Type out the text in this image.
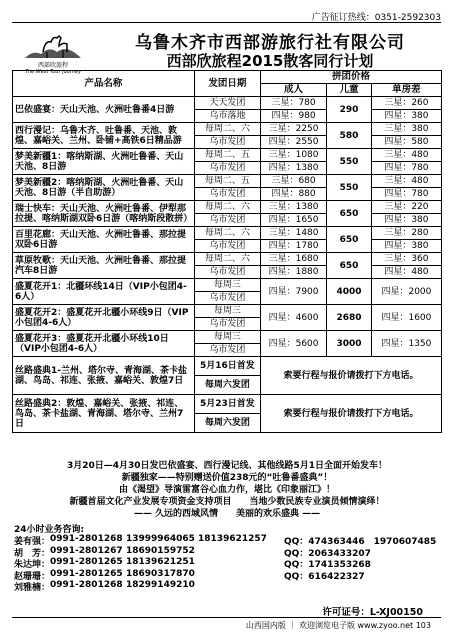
广告征订热线：0351-2592303
西部欣旅程
The West Tour journey
乌鲁木齐市西部游旅行社有限公司
西部欣旅程2015散客同行计划
产品名称	发团日期	拼团价格		
		成人	儿童	单房差
巴依盛宴：天山天池、火洲吐鲁番4日游	天天发团	三星：780	290	三星：260
	乌市落地	四星：980		四星：380
西行漫记：乌鲁木齐、吐鲁番、天池、敦煌、嘉峪关、兰州、卧铺+高铁6日精品游	每周二、六	三星：2250	580	三星：380
	乌市发团	四星：2550		四星：580
梦美新疆1：喀纳斯湖、火洲吐鲁番、天山天池、8日游	每周二、五	三星：1080	550	三星：480
	乌市发团	四星：1380		四星：780
梦美新疆2：喀纳斯湖、火洲吐鲁番、天山天池、8日游（半自助游）	每周二、五	三星：680	550	三星：480
	乌市发团	四星：880		四星：780
瑞士快车：天山天池、火洲吐鲁番、伊犁那拉提、喀纳斯湖双卧6日游（喀纳斯段散拼）	每周二、六	三星：1380	650	三星：220
	乌市发团	四星：1650		四星：380
百里花廊：天山天池、火洲吐鲁番、那拉提双卧6日游	每周二、六	三星：1480	650	三星：280
	乌市发团	四星：1780		四星：380
草原牧歌：天山天池、火洲吐鲁番、那拉提汽车8日游	每周二、六	三星：1680	650	三星：360
	乌市发团	四星：1880		四星：480
盛夏花开1：北疆环线14日（VIP小包团4-6人）	每周三	四星：7900	4000	四星：2000
	乌市发团			
盛夏花开2：盛夏花开北疆小环线9日（VIP小包团4-6人）	每周三	四星：4600	2680	四星：1600
	乌市发团			
盛夏花开3：盛夏花开北疆小环线10日（VIP小包团4-6人）	每周三	四星：5600	3000	四星：1350
	乌市发团			
丝路盛典1-兰州、塔尔寺、青海湖、茶卡盐湖、鸟岛、祁连、张掖、嘉峪关、敦煌7日	5月16日首发	索要行程与报价请拨打下方电话。		
	每周六发团			
丝路盛典2：敦煌、嘉峪关、张掖、祁连、鸟岛、茶卡盐湖、青海湖、塔尔寺、兰州7日	5月23日首发	索要行程与报价请拨打下方电话。		
	每周六发团			
3月20日—4月30日发巴依盛宴、西行漫记线、其他线路5月1日全面开始发车！
新疆独家——特别赠送价值238元的“吐鲁番盛典”！
由《渴望》导演雷富谷心血力作，堪比《印象丽江》！
新疆首届文化产业发展专项资金支持项目　　当地少数民族专业演员倾情演绎！
—— 久远的西域风情　　美丽的欢乐盛典 ——
24小时业务咨询:
姜有强： 0991-2801268 13999964065 18139621257 QQ：474363446　1970607485
胡　芳： 0991-2801267 18690159752	QQ：2063433207
朱达坤： 0991-2801265 18139621251	QQ：1741353268
赵珊珊： 0991-2801265 18690317870	QQ：616422327
刘雅楠： 0991-2801268 18299149210
许可证号：L-XJ00150
山西国内版 ｜ 欢迎浏览电子版 www.zyoo.net 103
